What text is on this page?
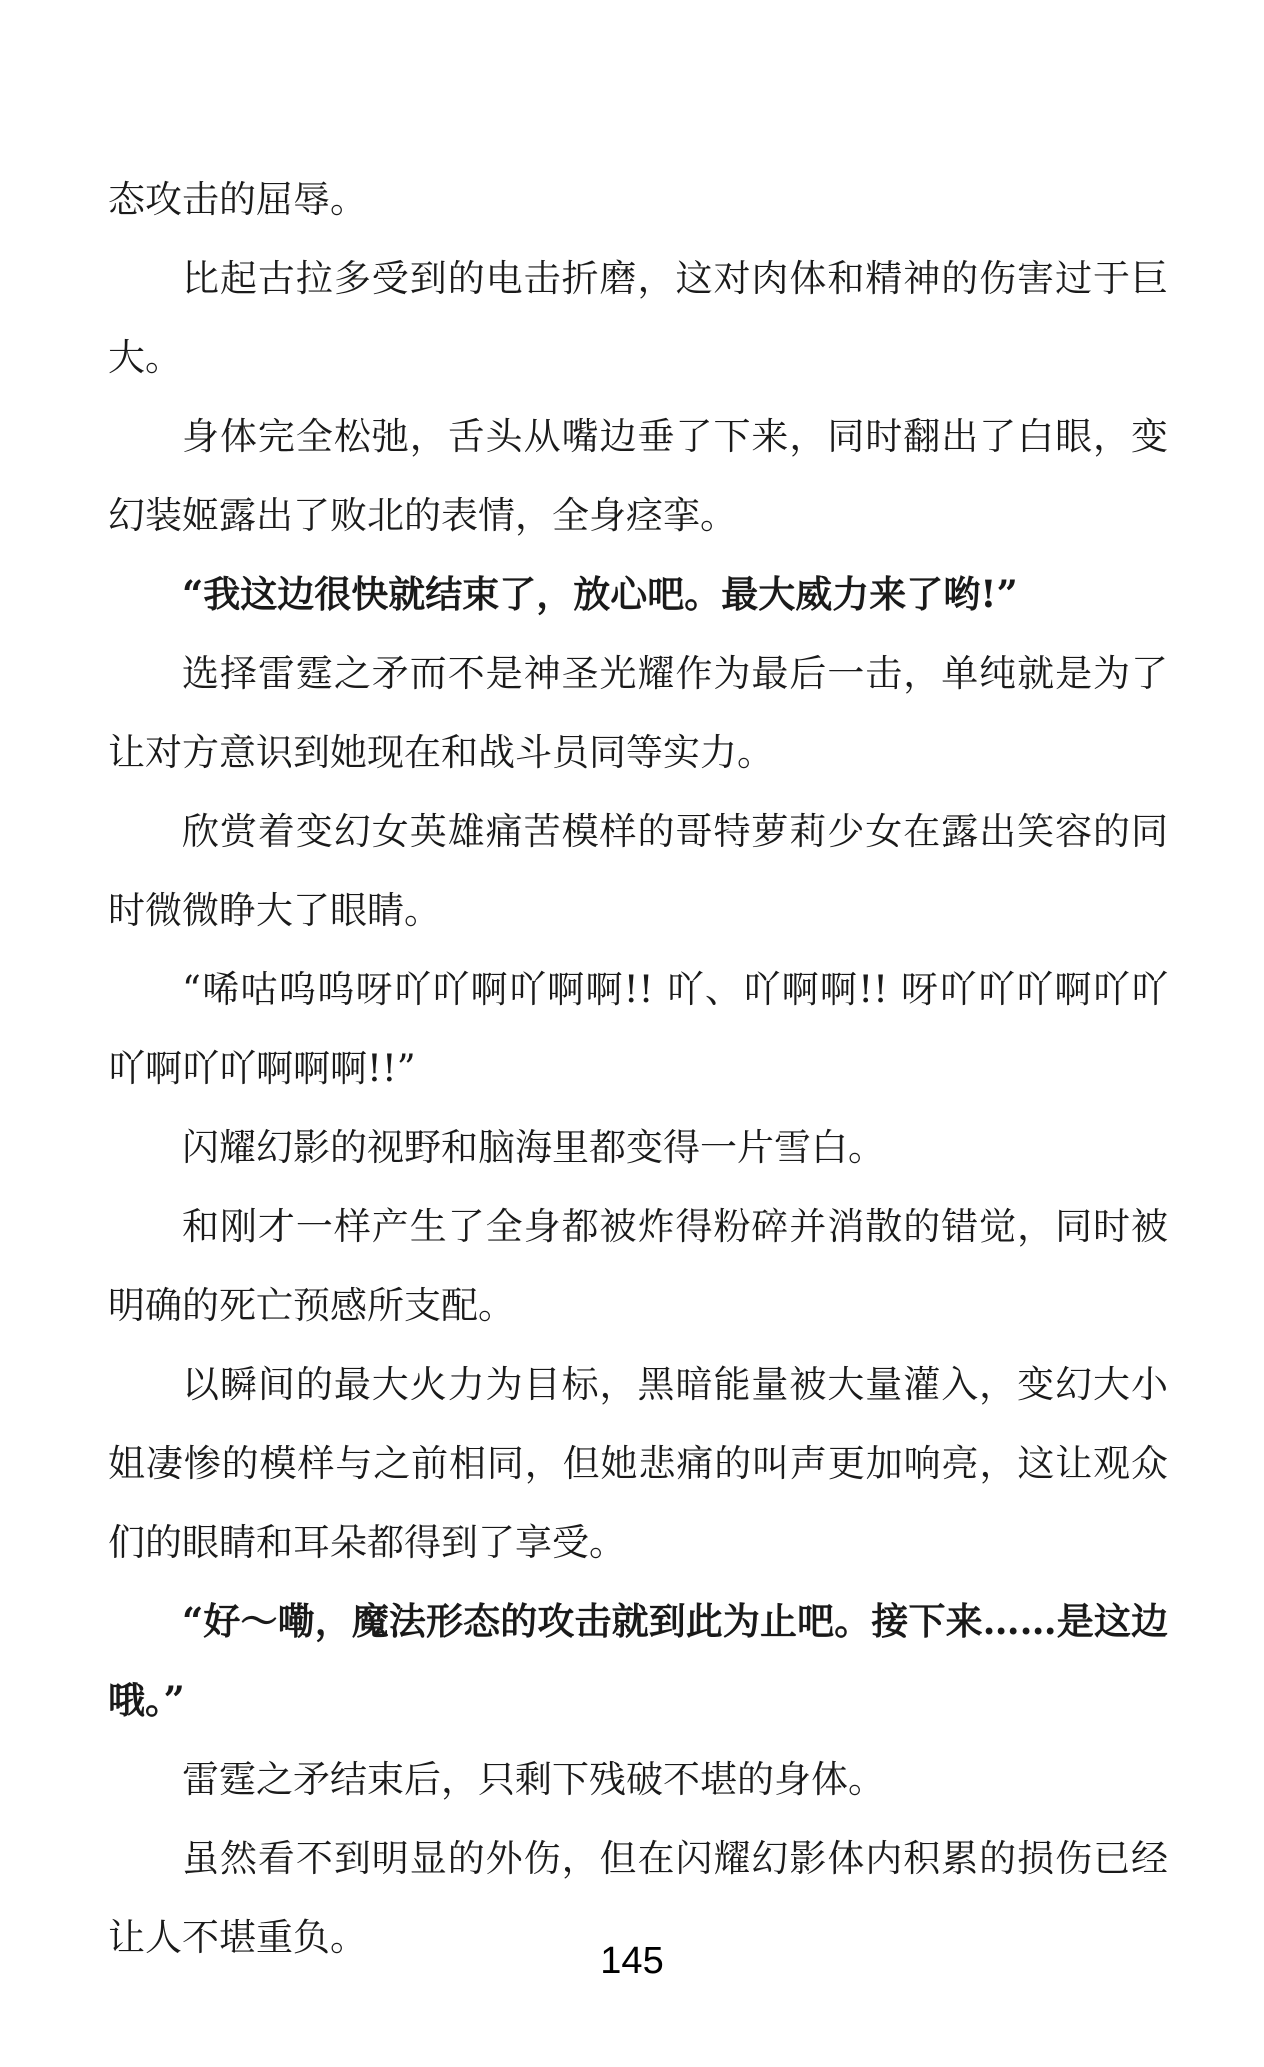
态攻击的屈辱。

比起古拉多受到的电击折磨，这对肉体和精神的伤害过于巨大。

身体完全松弛，舌头从嘴边垂了下来，同时翻出了白眼，变幻装姬露出了败北的表情，全身痉挛。

“我这边很快就结束了，放心吧。最大威力来了哟!”

选择雷霆之矛而不是神圣光耀作为最后一击，单纯就是为了让对方意识到她现在和战斗员同等实力。

欣赏着变幻女英雄痛苦模样的哥特萝莉少女在露出笑容的同时微微睁大了眼睛。

“唏咕呜呜呀吖吖啊吖啊啊!! 吖、吖啊啊!! 呀吖吖吖啊吖吖吖啊吖吖啊啊啊!!”

闪耀幻影的视野和脑海里都变得一片雪白。

和刚才一样产生了全身都被炸得粉碎并消散的错觉，同时被明确的死亡预感所支配。

以瞬间的最大火力为目标，黑暗能量被大量灌入，变幻大小姐凄惨的模样与之前相同，但她悲痛的叫声更加响亮，这让观众们的眼睛和耳朵都得到了享受。

“好～嘞，魔法形态的攻击就到此为止吧。接下来……是这边哦。”

雷霆之矛结束后，只剩下残破不堪的身体。

虽然看不到明显的外伤，但在闪耀幻影体内积累的损伤已经让人不堪重负。

145
